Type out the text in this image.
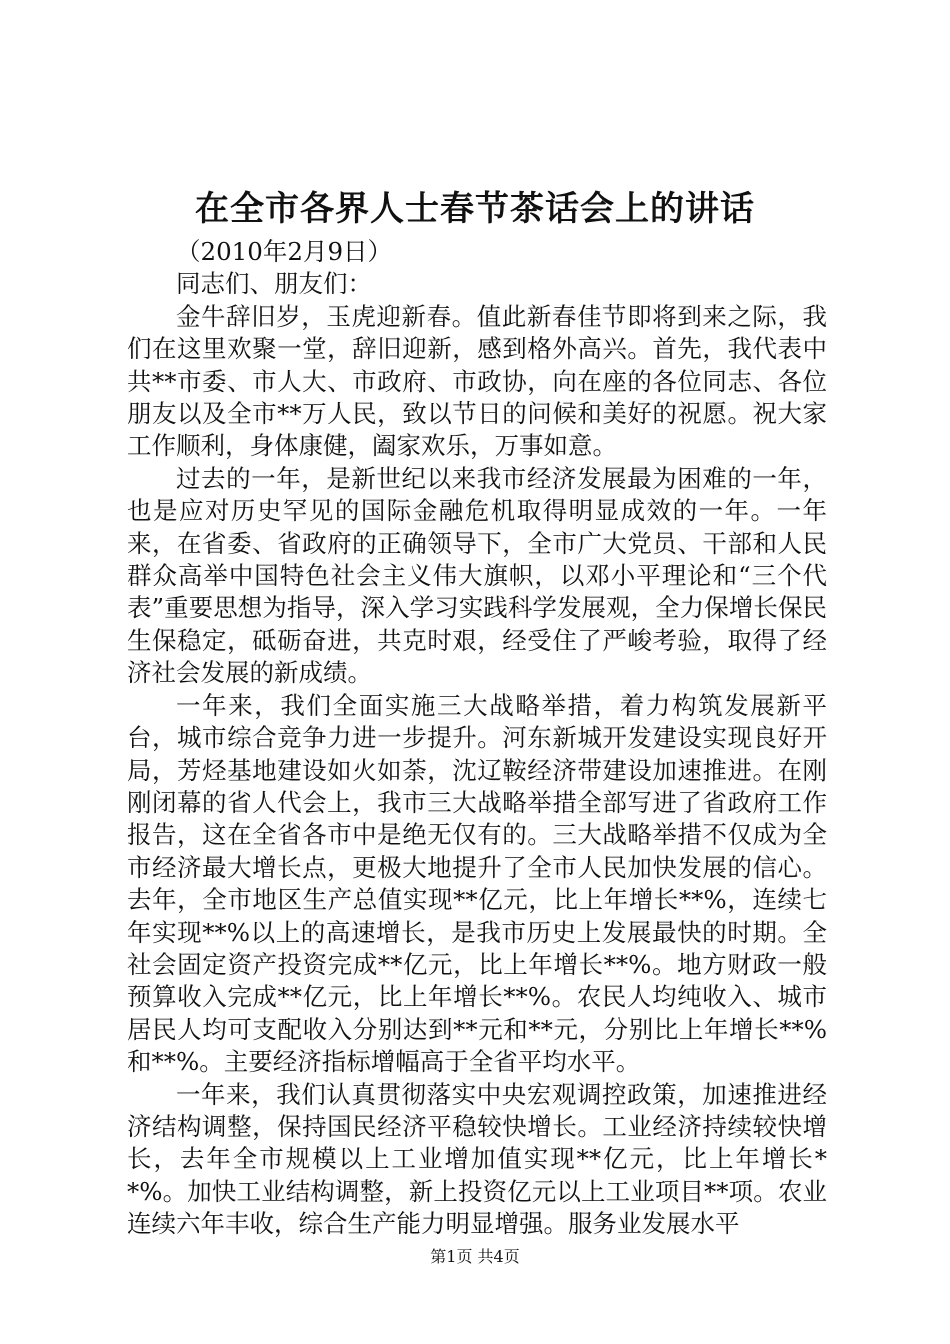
在全市各界人士春节茶话会上的讲话

（2010年2月9日）

同志们、朋友们：

金牛辞旧岁，玉虎迎新春。值此新春佳节即将到来之际，我们在这里欢聚一堂，辞旧迎新，感到格外高兴。首先，我代表中共**市委、市人大、市政府、市政协，向在座的各位同志、各位朋友以及全市**万人民，致以节日的问候和美好的祝愿。祝大家工作顺利，身体康健，阖家欢乐，万事如意。

过去的一年，是新世纪以来我市经济发展最为困难的一年，也是应对历史罕见的国际金融危机取得明显成效的一年。一年来，在省委、省政府的正确领导下，全市广大党员、干部和人民群众高举中国特色社会主义伟大旗帜，以邓小平理论和“三个代表”重要思想为指导，深入学习实践科学发展观，全力保增长保民生保稳定，砥砺奋进，共克时艰，经受住了严峻考验，取得了经济社会发展的新成绩。

一年来，我们全面实施三大战略举措，着力构筑发展新平台，城市综合竞争力进一步提升。河东新城开发建设实现良好开局，芳烃基地建设如火如荼，沈辽鞍经济带建设加速推进。在刚刚闭幕的省人代会上，我市三大战略举措全部写进了省政府工作报告，这在全省各市中是绝无仅有的。三大战略举措不仅成为全市经济最大增长点，更极大地提升了全市人民加快发展的信心。去年，全市地区生产总值实现**亿元，比上年增长**%，连续七年实现**%以上的高速增长，是我市历史上发展最快的时期。全社会固定资产投资完成**亿元，比上年增长**%。地方财政一般预算收入完成**亿元，比上年增长**%。农民人均纯收入、城市居民人均可支配收入分别达到**元和**元，分别比上年增长**%和**%。主要经济指标增幅高于全省平均水平。

一年来，我们认真贯彻落实中央宏观调控政策，加速推进经济结构调整，保持国民经济平稳较快增长。工业经济持续较快增长，去年全市规模以上工业增加值实现**亿元，比上年增长**%。加快工业结构调整，新上投资亿元以上工业项目**项。农业连续六年丰收，综合生产能力明显增强。服务业发展水平

第1页 共4页
